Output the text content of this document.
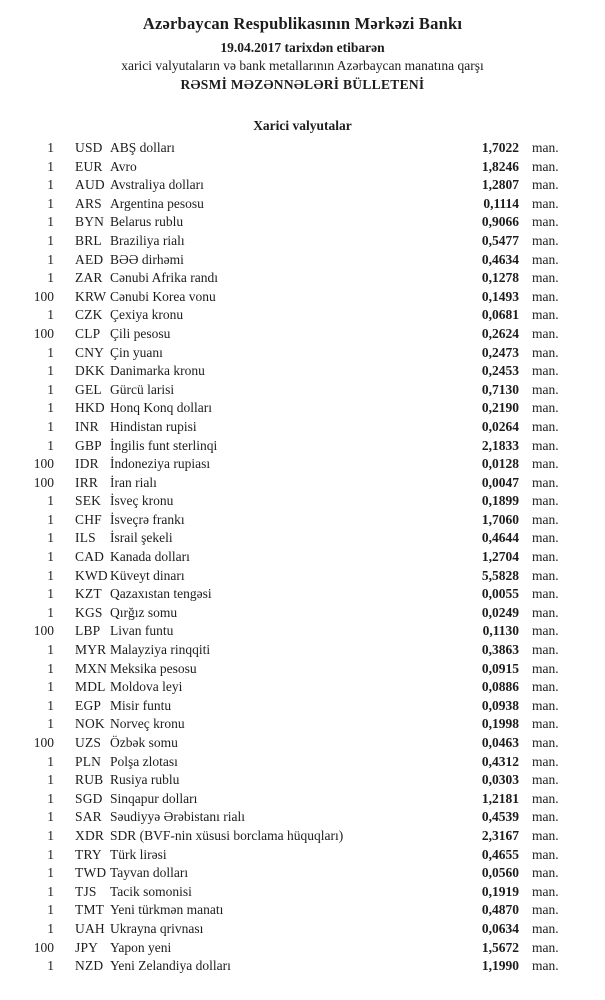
Azərbaycan Respublikasının Mərkəzi Bankı
19.04.2017 tarixdən etibarən
xarici valyutaların və bank metallarının Azərbaycan manatına qarşı
RƏSMİ MƏZƏNNƏLƏRİ BÜLLETENİ
Xarici valyutalar
1	USD ABŞ dolları	1,7022 man.
1	EUR Avro	1,8246 man.
1	AUD Avstraliya dolları	1,2807 man.
1	ARS Argentina pesosu	0,1114 man.
1	BYN Belarus rublu	0,9066 man.
1	BRL Braziliya rialı	0,5477 man.
1	AED BƏƏ dirhəmi	0,4634 man.
1	ZAR Cənubi Afrika randı	0,1278 man.
100	KRW Cənubi Korea vonu	0,1493 man.
1	CZK Çexiya kronu	0,0681 man.
100	CLP Çili pesosu	0,2624 man.
1	CNY Çin yuanı	0,2473 man.
1	DKK Danimarka kronu	0,2453 man.
1	GEL Gürcü larisi	0,7130 man.
1	HKD Honq Konq dolları	0,2190 man.
1	INR Hindistan rupisi	0,0264 man.
1	GBP İngilis funt sterlinqi	2,1833 man.
100	IDR İndoneziya rupiası	0,0128 man.
100	IRR İran rialı	0,0047 man.
1	SEK İsveç kronu	0,1899 man.
1	CHF İsveçrə frankı	1,7060 man.
1	ILS	İsrail şekeli	0,4644 man.
1	CAD Kanada dolları	1,2704 man.
1	KWD Küveyt dinarı	5,5828 man.
1	KZT Qazaxıstan tengəsi	0,0055 man.
1	KGS Qırğız somu	0,0249 man.
100	LBP Livan funtu	0,1130 man.
1	MYR Malayziya rinqqiti	0,3863 man.
1	MXN Meksika pesosu	0,0915 man.
1	MDL Moldova leyi	0,0886 man.
1	EGP Misir funtu	0,0938 man.
1	NOK Norveç kronu	0,1998 man.
100	UZS Özbək somu	0,0463 man.
1	PLN Polşa zlotası	0,4312 man.
1	RUB Rusiya rublu	0,0303 man.
1	SGD Sinqapur dolları	1,2181 man.
1	SAR Səudiyyə Ərəbistanı rialı	0,4539 man.
1	XDR SDR (BVF-nin xüsusi borclama hüquqları)	2,3167 man.
1	TRY Türk lirəsi	0,4655 man.
1	TWD Tayvan dolları	0,0560 man.
1	TJS Tacik somonisi	0,1919 man.
1	TMT Yeni türkmən manatı	0,4870 man.
1	UAH Ukrayna qrivnası	0,0634 man.
100	JPY Yapon yeni	1,5672 man.
1	NZD Yeni Zelandiya dolları	1,1990 man.
